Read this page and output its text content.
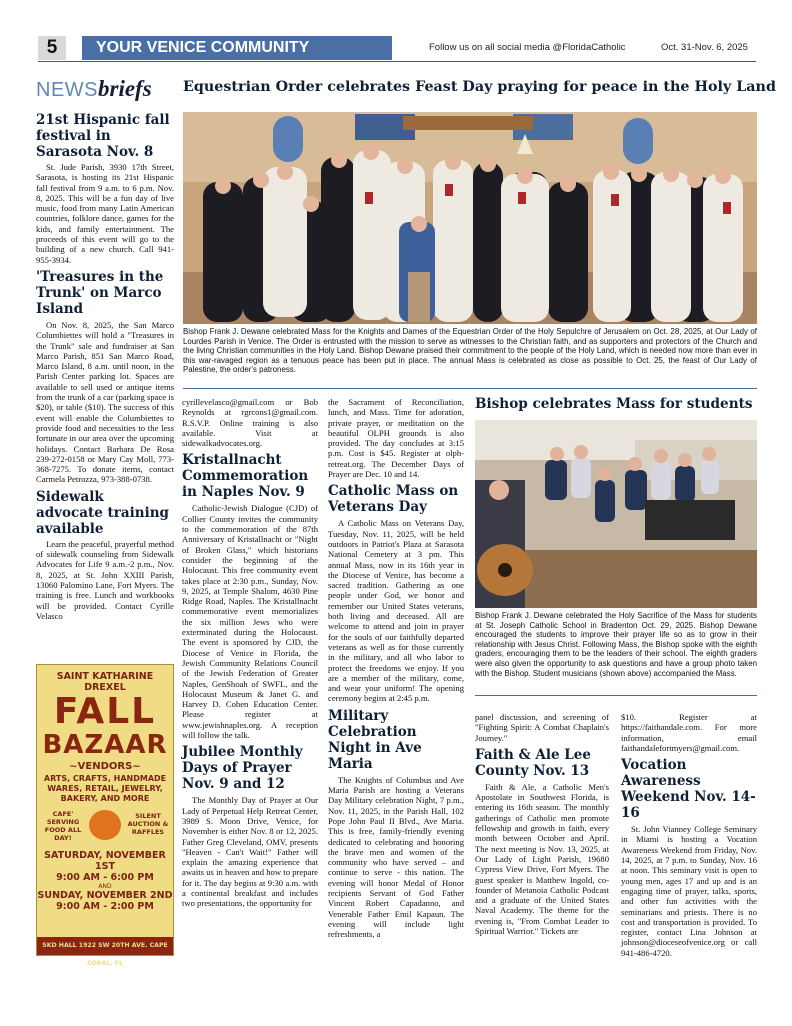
5	YOUR VENICE COMMUNITY	Follow us on all social media @FloridaCatholic	Oct. 31-Nov. 6, 2025
NEWSbriefs	Equestrian Order celebrates Feast Day praying for peace in the Holy Land

Bishop Frank J. Dewane celebrated Mass for the Knights and Dames of the Equestrian Order of the Holy Sepulchre of Jerusalem on Oct. 28, 2025, at Our Lady of Lourdes Parish in Venice. The Order is entrusted with the mission to serve as witnesses to the Christian faith, and as supporters and protectors of the Church and the living Christian communities in the Holy Land. Bishop Dewane praised their commitment to the people of the Holy Land, which is needed now more than ever in this war-ravaged region as a tenuous peace has been put in place. The annual Mass is celebrated as close as possible to Oct. 25, the feast of Our Lady of Palestine, the order's patroness.

21st Hispanic fall festival in Sarasota Nov. 8

St. Jude Parish, 3930 17th Street, Sarasota, is hosting its 21st Hispanic fall festival from 9 a.m. to 6 p.m. Nov. 8, 2025. This will be a fun day of live music, food from many Latin American countries, folklore dance, games for the kids, and family entertainment. The proceeds of this event will go to the building of a new church. Call 941-955-3934.

'Treasures in the Trunk' on Marco Island

On Nov. 8, 2025, the San Marco Columbiettes will hold a "Treasures in the Trunk" sale and fundraiser at San Marco Parish, 851 San Marco Road, Marco Island, 8 a.m. until noon, in the Parish Center parking lot. Spaces are available to sell used or antique items from the trunk of a car (parking space is $20), or table ($10). The success of this event will enable the Columbiettes to provide food and necessities to the less fortunate in our area over the upcoming holidays. Contact Barbara De Rosa 239-272-0158 or Mary Cay Moll, 773-368-7275. To donate items, contact Carmela Petrozza, 973-388-0738.

Sidewalk advocate training available

Learn the peaceful, prayerful method of sidewalk counseling from Sidewalk Advocates for Life 9 a.m.-2 p.m., Nov. 8, 2025, at St. John XXIII Parish, 13060 Palomino Lane, Fort Myers. The training is free. Lunch and workbooks will be provided. Contact Cyrille Velasco

SAINT KATHARINE DREXEL
FALL
BAZAAR
~VENDORS~
ARTS, CRAFTS, HANDMADE WARES, RETAIL, JEWELRY, BAKERY, AND MORE
CAFE' SERVING FOOD ALL DAY!
SILENT AUCTION & RAFFLES
SATURDAY, NOVEMBER 1ST
9:00 AM - 6:00 PM
AND
SUNDAY, NOVEMBER 2ND
9:00 AM - 2:00 PM
SKD HALL 1922 SW 20TH AVE. CAPE CORAL, FL

cyrillevelasco@gmail.com or Bob Reynolds at rgrcons1@gmail.com. R.S.V.P. Online training is also available. Visit at sidewalkadvocates.org.

Kristallnacht Commemoration in Naples Nov. 9

Catholic-Jewish Dialogue (CJD) of Collier County invites the community to the commemoration of the 87th Anniversary of Kristallnacht or "Night of Broken Glass," which historians consider the beginning of the Holocaust. This free community event takes place at 2:30 p.m., Sunday, Nov. 9, 2025, at Temple Shalom, 4630 Pine Ridge Road, Naples. The Kristallnacht commemorative event memorializes the six million Jews who were exterminated during the Holocaust. The event is sponsored by CJD, the Diocese of Venice in Florida, the Jewish Community Relations Council of the Jewish Federation of Greater Naples, GenShoah of SWFL, and the Holocaust Museum & Janet G. and Harvey D. Cohen Education Center. Please register at www.jewishnaples.org. A reception will follow the talk.

Jubilee Monthly Days of Prayer Nov. 9 and 12

The Monthly Day of Prayer at Our Lady of Perpetual Help Retreat Center, 3989 S. Moon Drive, Venice, for November is either Nov. 8 or 12, 2025. Father Greg Cleveland, OMV, presents "Heaven - Can't Wait!" Father will explain the amazing experience that awaits us in heaven and how to prepare for it. The day begins at 9:30 a.m. with a continental breakfast and includes two presentations, the opportunity for

the Sacrament of Reconciliation, lunch, and Mass. Time for adoration, private prayer, or meditation on the beautiful OLPH grounds is also provided. The day concludes at 3:15 p.m. Cost is $45. Register at olph-retreat.org. The December Days of Prayer are Dec. 10 and 14.

Catholic Mass on Veterans Day

A Catholic Mass on Veterans Day, Tuesday, Nov. 11, 2025, will be held outdoors in Patriot's Plaza at Sarasota National Cemetery at 3 pm. This annual Mass, now in its 16th year in the Diocese of Venice, has become a sacred tradition. Gathering as one people under God, we honor and remember our United States veterans, both living and deceased. All are welcome to attend and join in prayer for the souls of our faithfully departed veterans as well as for those currently in the military, and all who labor to protect the freedoms we enjoy. If you are a member of the military, come, and wear your uniform! The opening ceremony begins at 2:45 p.m.

Military Celebration Night in Ave Maria

The Knights of Columbus and Ave Maria Parish are hosting a Veterans Day Military celebration Night, 7 p.m., Nov. 11, 2025, in the Parish Hall, 102 Pope John Paul II Blvd., Ave Maria. This is free, family-friendly evening dedicated to celebrating and honoring the brave men and women of the community who have served – and continue to serve - this nation. The evening will honor Medal of Honor recipients Servant of God Father Vincent Robert Capadanno, and Venerable Father Emil Kapaun. The evening will include light refreshments, a

Bishop celebrates Mass for students

Bishop Frank J. Dewane celebrated the Holy Sacrifice of the Mass for students at St. Joseph Catholic School in Bradenton Oct. 29, 2025. Bishop Dewane encouraged the students to improve their prayer life so as to grow in their relationship with Jesus Christ. Following Mass, the Bishop spoke with the eighth graders, encouraging them to be the leaders of their school. The eighth graders were also given the opportunity to ask questions and have a group photo taken with the Bishop. Student musicians (shown above) accompanied the Mass.

panel discussion, and screening of "Fighting Spirit: A Combat Chaplain's Journey."

Faith & Ale Lee County Nov. 13

Faith & Ale, a Catholic Men's Apostolate in Southwest Florida, is entering its 16th season. The monthly gatherings of Catholic men promote fellowship and growth in faith, every month between October and April. The next meeting is Nov. 13, 2025, at Our Lady of Light Parish, 19680 Cypress View Drive, Fort Myers. The guest speaker is Matthew Ingold, co-founder of Metanoia Catholic Podcast and a graduate of the United States Naval Academy. The theme for the evening is, "From Combat Leader to Spiritual Warrior." Tickets are

$10. Register at https://faithandale.com. For more information, email faithandalefortmyers@gmail.com.

Vocation Awareness Weekend Nov. 14-16

St. John Vianney College Seminary in Miami is hosting a Vocation Awareness Weekend from Friday, Nov. 14, 2025, at 7 p.m. to Sunday, Nov. 16 at noon. This seminary visit is open to young men, ages 17 and up and is an engaging time of prayer, talks, sports, and other fun activities with the seminarians and priests. There is no cost and transportation is provided. To register, contact Lina Johnson at johnson@dioceseofvenice.org or call 941-486-4720.
